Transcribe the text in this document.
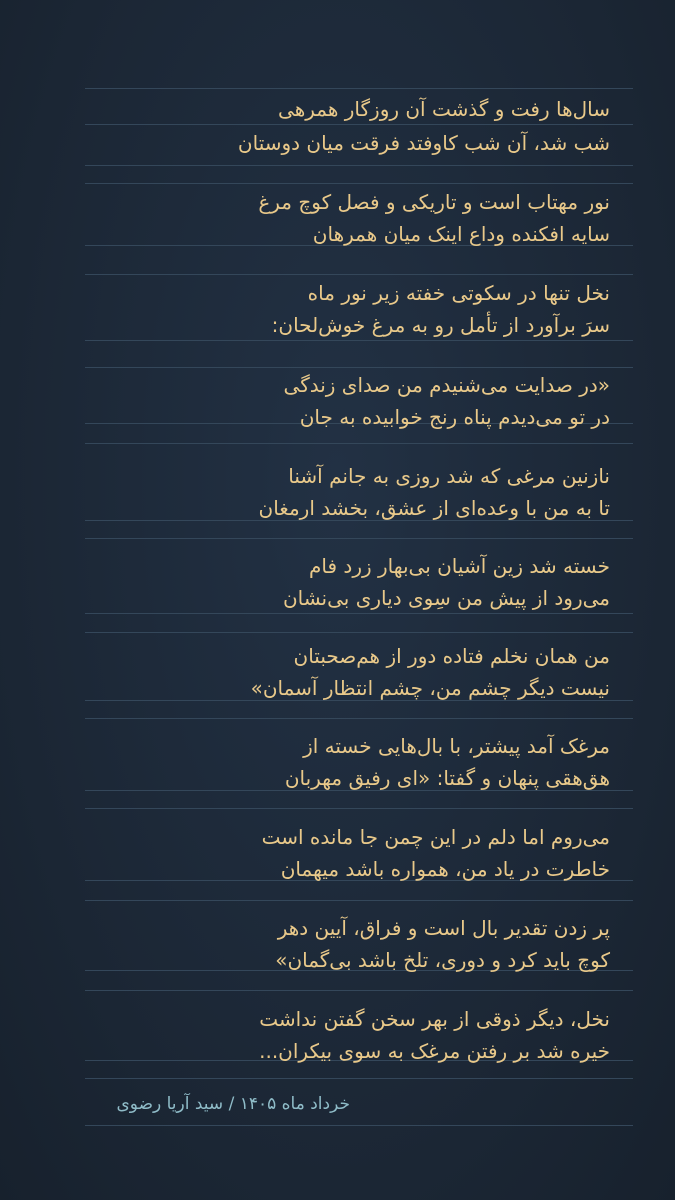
سال‌ها رفت و گذشت آن روزگار همرهی
شب شد، آن شب کاوفتد فرقت میان دوستان
نور مهتاب است و تاریکی و فصل کوچ مرغ
سایه افکنده وداع اینک میان همرهان
نخل تنها در سکوتی خفته زیر نور ماه
سرَ برآورد از تأمل رو به مرغ خوش‌لحان:
«در صدایت می‌شنیدم من صدای زندگی
در تو می‌دیدم پناه رنج خوابیده به جان
نازنین مرغی که شد روزی به جانم آشنا
تا به من با وعده‌ای از عشق، بخشد ارمغان
خسته شد زین آشیان بی‌بهار زرد فام
می‌رود از پیش من سِوی دیاری بی‌نشان
من همان نخلم فتاده دور از هم‌صحبتان
نیست دیگر چشم من، چشم انتظار آسمان»
مرغک آمد پیشتر، با بال‌هایی خسته از
هق‌هقی پنهان و گفتا: «ای رفیق مهربان
می‌روم اما دلم در این چمن جا مانده است
خاطرت در یاد من، همواره باشد میهمان
پر زدن تقدیر بال است و فراق، آیین دهر
کوچ باید کرد و دوری، تلخ باشد بی‌گمان»
نخل، دیگر ذوقی از بهر سخن گفتن نداشت
خیره شد بر رفتن مرغک به سوی بیکران...
خرداد ماه ۱۴۰۵ / سید آریا رضوی
